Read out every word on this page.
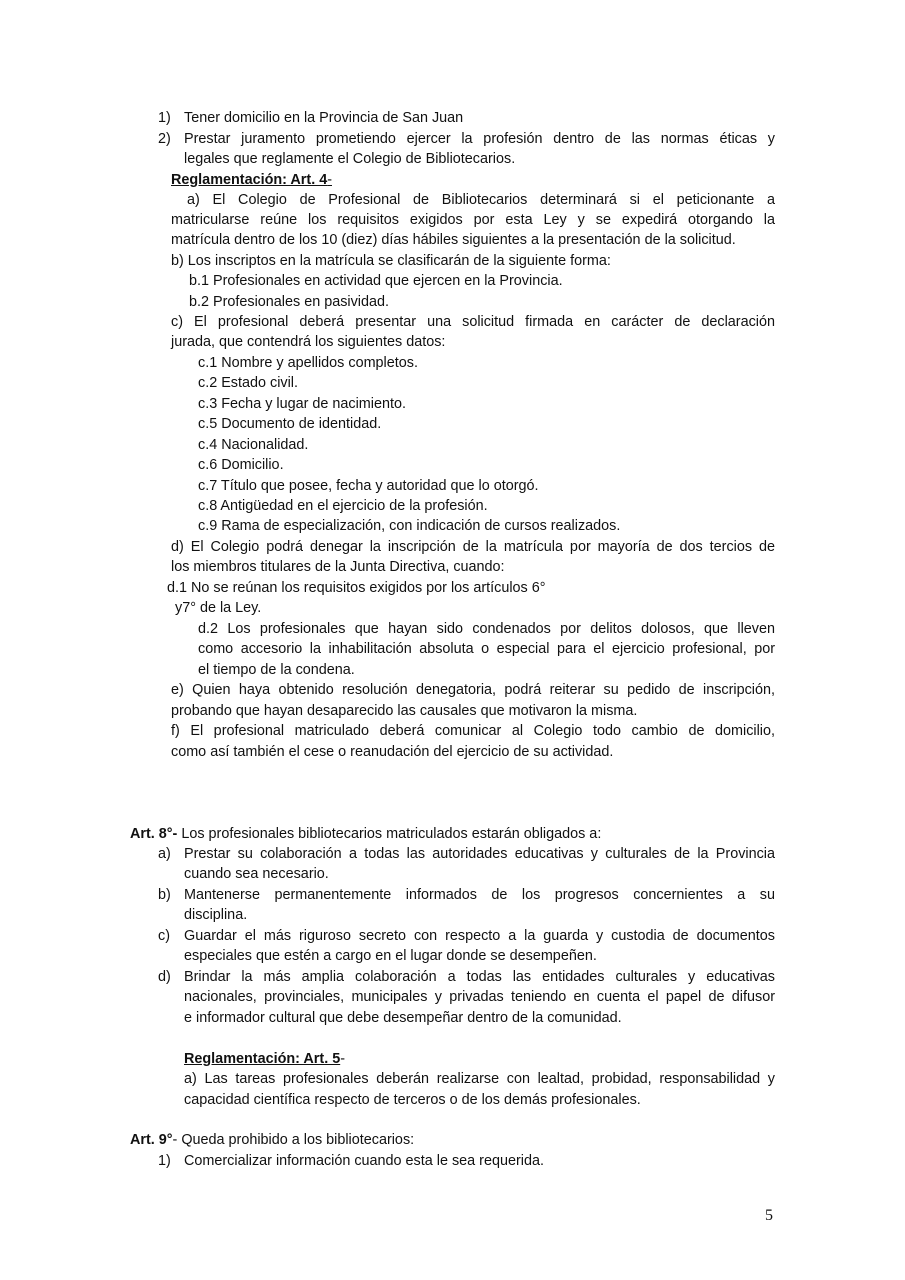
1) Tener domicilio en la Provincia de San Juan
2) Prestar juramento prometiendo ejercer la profesión dentro de las normas éticas y
legales que reglamente el Colegio de Bibliotecarios.
Reglamentación: Art. 4-
a) El Colegio de Profesional de Bibliotecarios determinará si el peticionante a
matricularse reúne los requisitos exigidos por esta Ley y se expedirá otorgando la
matrícula dentro de los 10 (diez) días hábiles siguientes a la presentación de la solicitud.
b) Los inscriptos en la matrícula se clasificarán de la siguiente forma:
b.1 Profesionales en actividad que ejercen en la Provincia.
b.2 Profesionales en pasividad.
c) El profesional deberá presentar una solicitud firmada en carácter de declaración
jurada, que contendrá los siguientes datos:
c.1 Nombre y apellidos completos.
c.2 Estado civil.
c.3 Fecha y lugar de nacimiento.
c.5 Documento de identidad.
c.4 Nacionalidad.
c.6 Domicilio.
c.7 Título que posee, fecha y autoridad que lo otorgó.
c.8 Antigüedad en el ejercicio de la profesión.
c.9 Rama de especialización, con indicación de cursos realizados.
d) El Colegio podrá denegar la inscripción de la matrícula por mayoría de dos tercios de
los miembros titulares de la Junta Directiva, cuando:
d.1 No se reúnan los requisitos exigidos por los artículos 6°
y7° de la Ley.
d.2 Los profesionales que hayan sido condenados por delitos dolosos, que lleven
como accesorio la inhabilitación absoluta o especial para el ejercicio profesional, por
el tiempo de la condena.
e) Quien haya obtenido resolución denegatoria, podrá reiterar su pedido de inscripción,
probando que hayan desaparecido las causales que motivaron la misma.
f) El profesional matriculado deberá comunicar al Colegio todo cambio de domicilio,
como así también el cese o reanudación del ejercicio de su actividad.
Art. 8°- Los profesionales bibliotecarios matriculados estarán obligados a:
a) Prestar su colaboración a todas las autoridades educativas y culturales de la Provincia
cuando sea necesario.
b) Mantenerse permanentemente informados de los progresos concernientes a su
disciplina.
c) Guardar el más riguroso secreto con respecto a la guarda y custodia de documentos
especiales que estén a cargo en el lugar donde se desempeñen.
d) Brindar la más amplia colaboración a todas las entidades culturales y educativas
nacionales, provinciales, municipales y privadas teniendo en cuenta el papel de difusor
e informador cultural que debe desempeñar dentro de la comunidad.
Reglamentación: Art. 5-
a) Las tareas profesionales deberán realizarse con lealtad, probidad, responsabilidad y
capacidad científica respecto de terceros o de los demás profesionales.
Art. 9°- Queda prohibido a los bibliotecarios:
1) Comercializar información cuando esta le sea requerida.
5
